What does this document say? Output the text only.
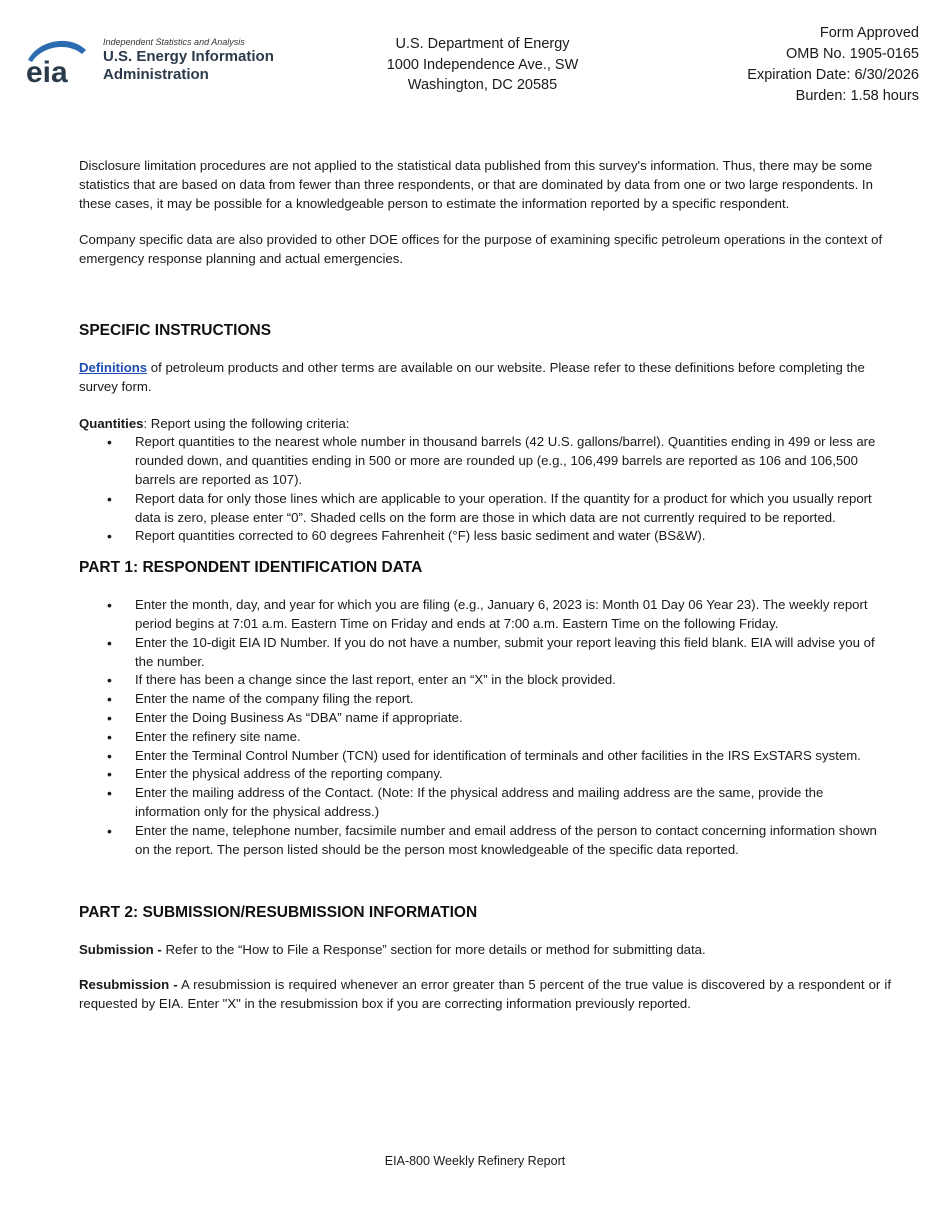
eia
Independent Statistics and Analysis
U.S. Energy Information
Administration
U.S. Department of Energy
1000 Independence Ave., SW
Washington, DC 20585
Form Approved
OMB No. 1905-0165
Expiration Date: 6/30/2026
Burden: 1.58 hours

Disclosure limitation procedures are not applied to the statistical data published from this survey's information. Thus, there may be some statistics that are based on data from fewer than three respondents, or that are dominated by data from one or two large respondents. In these cases, it may be possible for a knowledgeable person to estimate the information reported by a specific respondent.

Company specific data are also provided to other DOE offices for the purpose of examining specific petroleum operations in the context of emergency response planning and actual emergencies.

SPECIFIC INSTRUCTIONS

Definitions of petroleum products and other terms are available on our website. Please refer to these definitions before completing the survey form.

Quantities: Report using the following criteria:

• Report quantities to the nearest whole number in thousand barrels (42 U.S. gallons/barrel). Quantities ending in 499 or less are rounded down, and quantities ending in 500 or more are rounded up (e.g., 106,499 barrels are reported as 106 and 106,500 barrels are reported as 107).
• Report data for only those lines which are applicable to your operation. If the quantity for a product for which you usually report data is zero, please enter “0”. Shaded cells on the form are those in which data are not currently required to be reported.
• Report quantities corrected to 60 degrees Fahrenheit (°F) less basic sediment and water (BS&W).
PART 1: RESPONDENT IDENTIFICATION DATA
• Enter the month, day, and year for which you are filing (e.g., January 6, 2023 is: Month 01 Day 06 Year 23). The weekly report period begins at 7:01 a.m. Eastern Time on Friday and ends at 7:00 a.m. Eastern Time on the following Friday.
• Enter the 10-digit EIA ID Number. If you do not have a number, submit your report leaving this field blank. EIA will advise you of the number.
• If there has been a change since the last report, enter an “X” in the block provided.
• Enter the name of the company filing the report.
• Enter the Doing Business As “DBA” name if appropriate.
• Enter the refinery site name.
• Enter the Terminal Control Number (TCN) used for identification of terminals and other facilities in the IRS ExSTARS system.
• Enter the physical address of the reporting company.
• Enter the mailing address of the Contact. (Note: If the physical address and mailing address are the same, provide the information only for the physical address.)
• Enter the name, telephone number, facsimile number and email address of the person to contact concerning information shown on the report. The person listed should be the person most knowledgeable of the specific data reported.
PART 2: SUBMISSION/RESUBMISSION INFORMATION

Submission - Refer to the “How to File a Response” section for more details or method for submitting data.

Resubmission - A resubmission is required whenever an error greater than 5 percent of the true value is discovered by a respondent or if requested by EIA. Enter "X" in the resubmission box if you are correcting information previously reported.

EIA-800 Weekly Refinery Report
